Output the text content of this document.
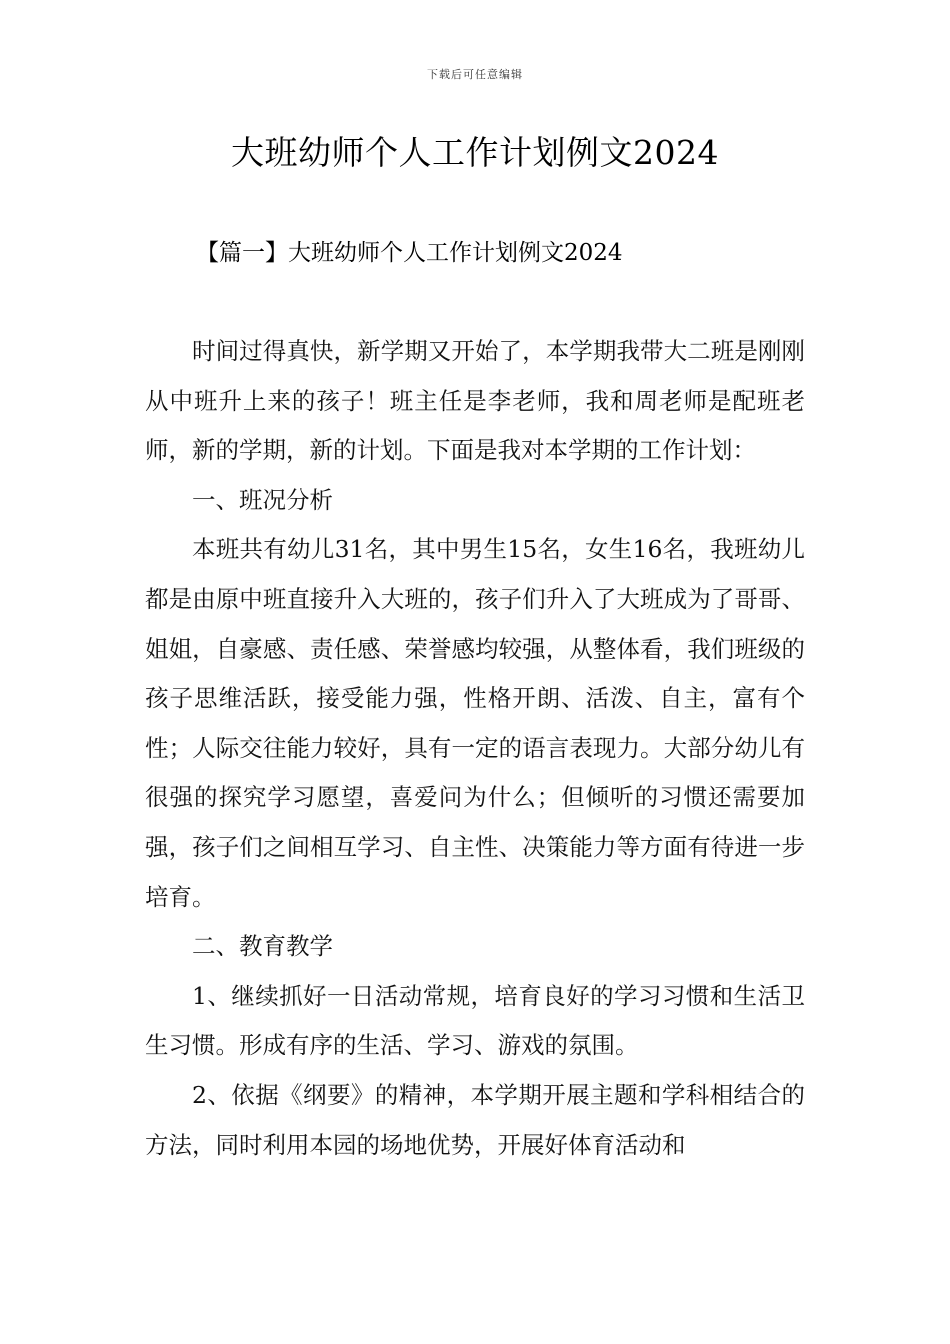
下载后可任意编辑
大班幼师个人工作计划例文2024
【篇一】大班幼师个人工作计划例文2024

时间过得真快，新学期又开始了，本学期我带大二班是刚刚从中班升上来的孩子！班主任是李老师，我和周老师是配班老师，新的学期，新的计划。下面是我对本学期的工作计划：

一、班况分析

本班共有幼儿31名，其中男生15名，女生16名，我班幼儿都是由原中班直接升入大班的，孩子们升入了大班成为了哥哥、姐姐，自豪感、责任感、荣誉感均较强，从整体看，我们班级的孩子思维活跃，接受能力强，性格开朗、活泼、自主，富有个性；人际交往能力较好，具有一定的语言表现力。大部分幼儿有很强的探究学习愿望，喜爱问为什么；但倾听的习惯还需要加强，孩子们之间相互学习、自主性、决策能力等方面有待进一步培育。

二、教育教学

1、继续抓好一日活动常规，培育良好的学习习惯和生活卫生习惯。形成有序的生活、学习、游戏的氛围。

2、依据《纲要》的精神，本学期开展主题和学科相结合的方法，同时利用本园的场地优势，开展好体育活动和
